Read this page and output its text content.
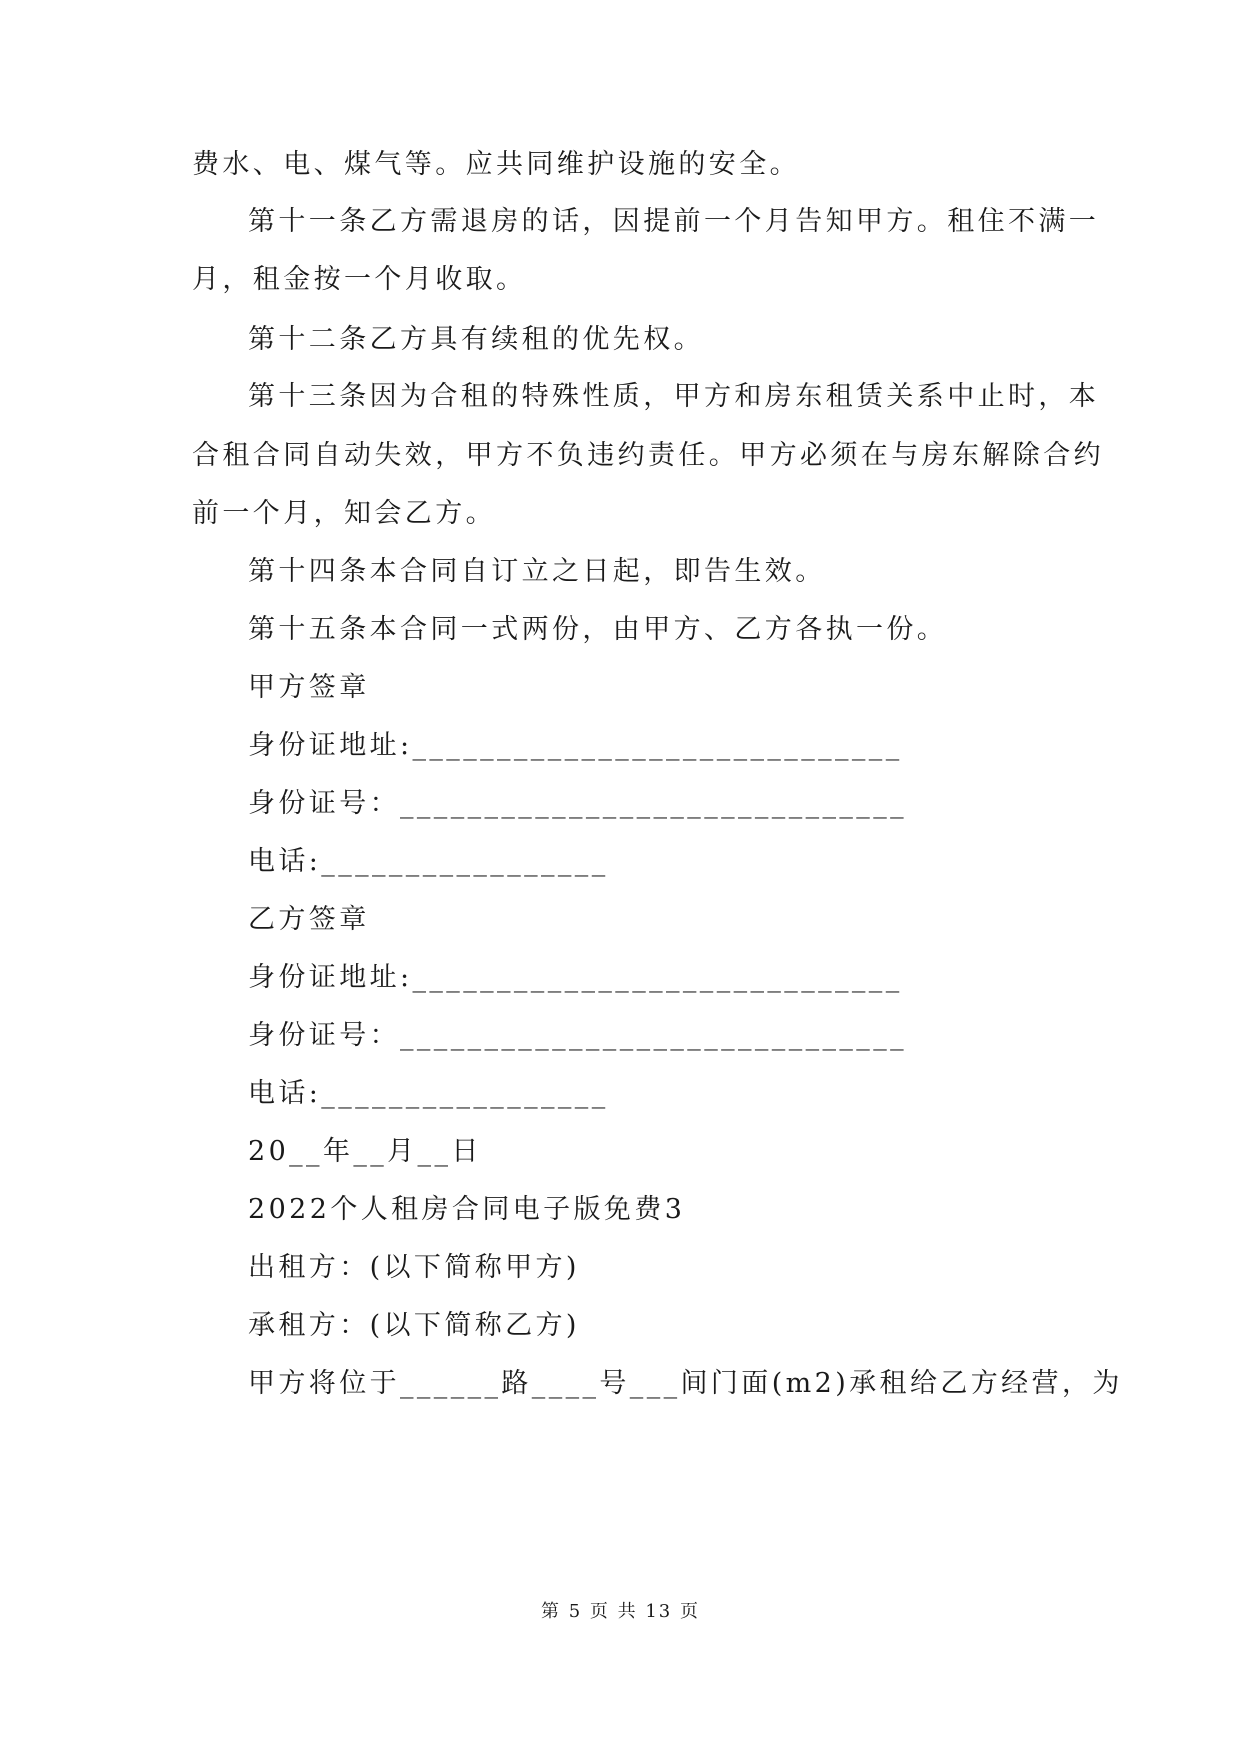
费水、电、煤气等。应共同维护设施的安全。
第十一条乙方需退房的话，因提前一个月告知甲方。租住不满一
月，租金按一个月收取。
第十二条乙方具有续租的优先权。
第十三条因为合租的特殊性质，甲方和房东租赁关系中止时，本
合租合同自动失效，甲方不负违约责任。甲方必须在与房东解除合约
前一个月，知会乙方。
第十四条本合同自订立之日起，即告生效。
第十五条本合同一式两份，由甲方、乙方各执一份。
甲方签章
身份证地址:_____________________________
身份证号：______________________________
电话:_________________
乙方签章
身份证地址:_____________________________
身份证号：______________________________
电话:_________________
20__年__月__日
2022个人租房合同电子版免费3
出租方：(以下简称甲方)
承租方：(以下简称乙方)
甲方将位于______路____号___间门面(m2)承租给乙方经营，为
第 5 页 共 13 页
